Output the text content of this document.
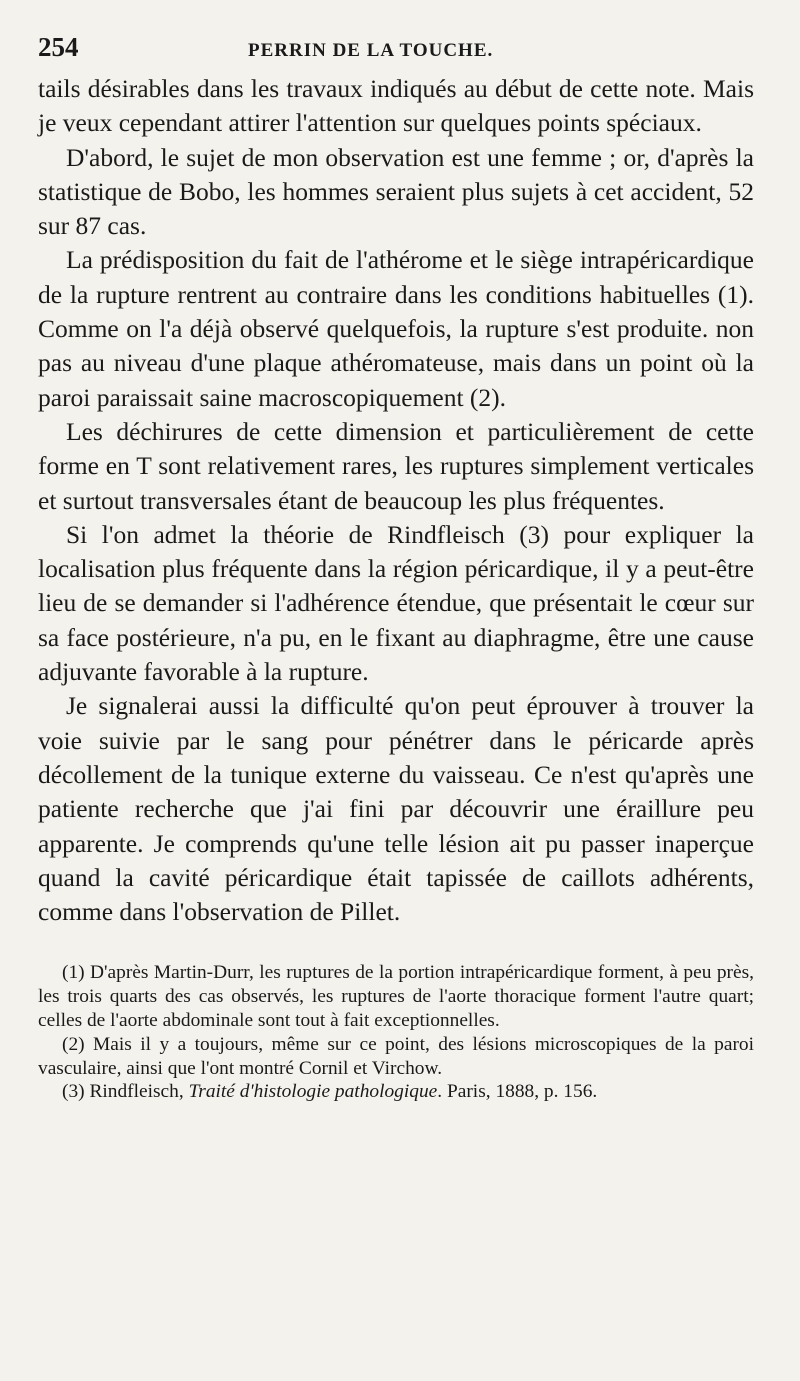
254	PERRIN DE LA TOUCHE.

tails désirables dans les travaux indiqués au début de cette note. Mais je veux cependant attirer l'attention sur quelques points spéciaux.

D'abord, le sujet de mon observation est une femme ; or, d'après la statistique de Bobo, les hommes seraient plus sujets à cet accident, 52 sur 87 cas.

La prédisposition du fait de l'athérome et le siège intrapéricardique de la rupture rentrent au contraire dans les conditions habituelles (1). Comme on l'a déjà observé quelquefois, la rupture s'est produite. non pas au niveau d'une plaque athéromateuse, mais dans un point où la paroi paraissait saine macroscopiquement (2).

Les déchirures de cette dimension et particulièrement de cette forme en T sont relativement rares, les ruptures simplement verticales et surtout transversales étant de beaucoup les plus fréquentes.

Si l'on admet la théorie de Rindfleisch (3) pour expliquer la localisation plus fréquente dans la région péricardique, il y a peut-être lieu de se demander si l'adhérence étendue, que présentait le cœur sur sa face postérieure, n'a pu, en le fixant au diaphragme, être une cause adjuvante favorable à la rupture.

Je signalerai aussi la difficulté qu'on peut éprouver à trouver la voie suivie par le sang pour pénétrer dans le péricarde après décollement de la tunique externe du vaisseau. Ce n'est qu'après une patiente recherche que j'ai fini par découvrir une éraillure peu apparente. Je comprends qu'une telle lésion ait pu passer inaperçue quand la cavité péricardique était tapissée de caillots adhérents, comme dans l'observation de Pillet.

(1) D'après Martin-Durr, les ruptures de la portion intrapéricardique forment, à peu près, les trois quarts des cas observés, les ruptures de l'aorte thoracique forment l'autre quart; celles de l'aorte abdominale sont tout à fait exceptionnelles.

(2) Mais il y a toujours, même sur ce point, des lésions microscopiques de la paroi vasculaire, ainsi que l'ont montré Cornil et Virchow.

(3) Rindfleisch, Traité d'histologie pathologique. Paris, 1888, p. 156.
